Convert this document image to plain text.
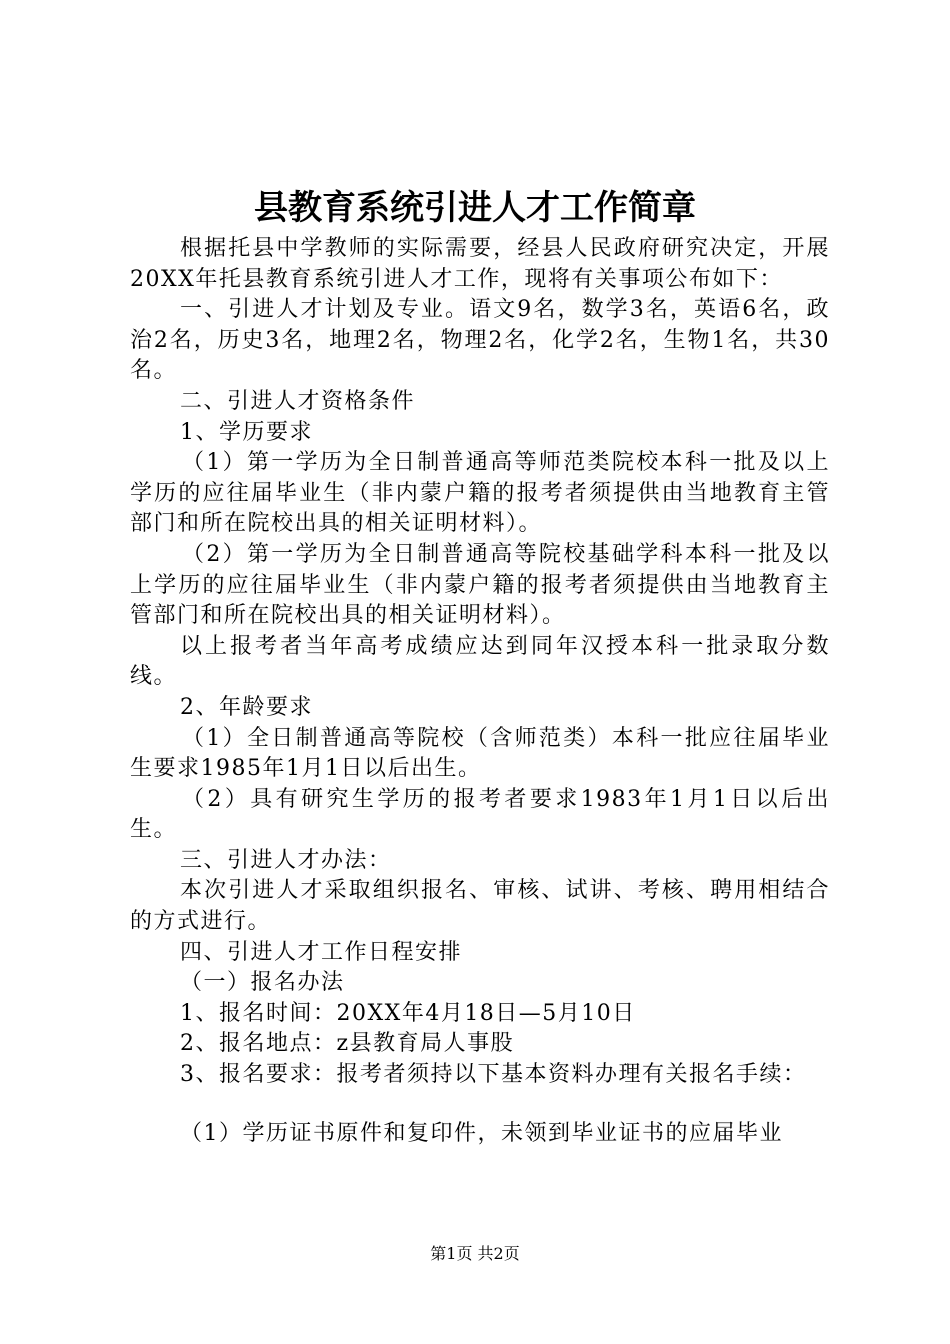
县教育系统引进人才工作简章

根据托县中学教师的实际需要，经县人民政府研究决定，开展20XX年托县教育系统引进人才工作，现将有关事项公布如下：

一、引进人才计划及专业。语文9名，数学3名，英语6名，政治2名，历史3名，地理2名，物理2名，化学2名，生物1名，共30名。

二、引进人才资格条件

1、学历要求

（1）第一学历为全日制普通高等师范类院校本科一批及以上学历的应往届毕业生（非内蒙户籍的报考者须提供由当地教育主管部门和所在院校出具的相关证明材料）。

（2）第一学历为全日制普通高等院校基础学科本科一批及以上学历的应往届毕业生（非内蒙户籍的报考者须提供由当地教育主管部门和所在院校出具的相关证明材料）。

以上报考者当年高考成绩应达到同年汉授本科一批录取分数线。

2、年龄要求

（1）全日制普通高等院校（含师范类）本科一批应往届毕业生要求1985年1月1日以后出生。

（2）具有研究生学历的报考者要求1983年1月1日以后出生。

三、引进人才办法：

本次引进人才采取组织报名、审核、试讲、考核、聘用相结合的方式进行。

四、引进人才工作日程安排

（一）报名办法

1、报名时间：20XX年4月18日—5月10日

2、报名地点：z县教育局人事股

3、报名要求：报考者须持以下基本资料办理有关报名手续：

（1）学历证书原件和复印件，未领到毕业证书的应届毕业

第1页 共2页
